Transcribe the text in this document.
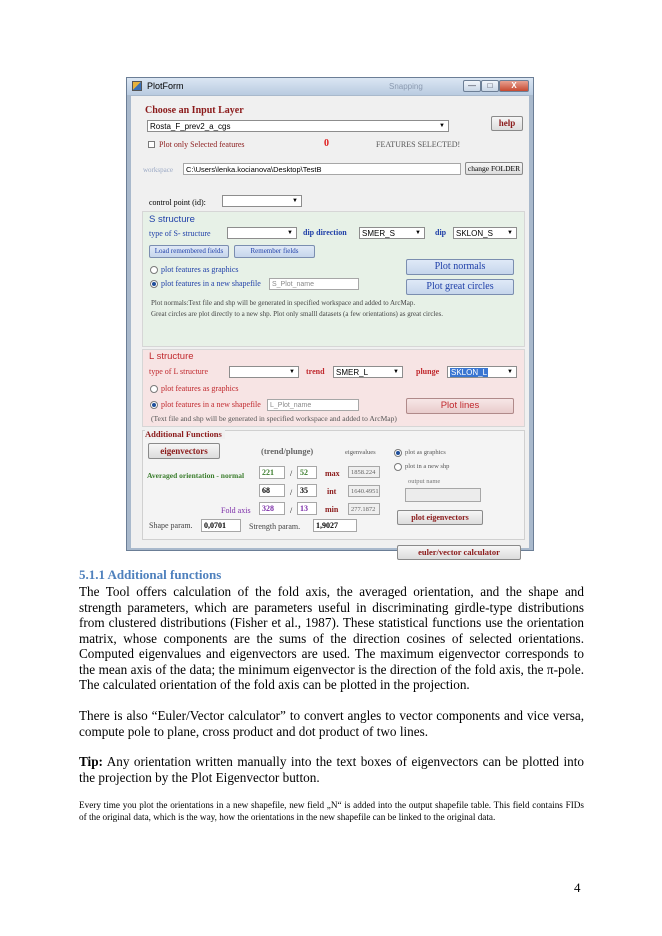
PlotForm	Snapping	—	□	X
Choose an Input Layer
Rosta_F_prev2_a_cgs	▼	help
Plot only Selected features	0	FEATURES SELECTED!
workspace	C:\Users\lenka.kocianova\Desktop\TestB	change FOLDER
control point (id):	▼
S structure
type of S- structure	▼ dip direction	SMER_S	▼ dip	SKLON_S ▼
Load remembered fields	Remember fields
plot features as graphics
plot features in a new shapefile	S_Plot_name
Plot normals
Plot great circles
Plot normals:Text file and shp will be generated in specified workspace and added to ArcMap.
Great circles are plot directly to a new shp. Plot only smalll datasets (a few orientations) as great circles.
L structure
type of L structure	▼ trend	SMER_L	▼ plunge	SKLON_L	▼
plot features as graphics
plot features in a new shapefile	L_Plot_name	Plot lines
(Text file and shp will be generated in specified workspace and added to ArcMap)
Additional Functions
eigenvectors	(trend/plunge)	eigenvalues
Averaged orientation - normal	221	/ 52	max	1858.224
68	/ 35	int	1640.4951
Fold axis	328	/ 13	min	277.1872
Shape param.	0,0701	Strength param.	1,9027
plot as graphics
plot in a new shp
output name
plot eigenvectors
euler/vector calculator
5.1.1 Additional functions
The Tool offers calculation of the fold axis, the averaged orientation, and the shape and strength parameters, which are parameters useful in discriminating girdle-type distributions from clustered distributions (Fisher et al., 1987). These statistical functions use the orientation matrix, whose components are the sums of the direction cosines of selected orientations. Computed eigenvalues and eigenvectors are used. The maximum eigenvector corresponds to the mean axis of the data; the minimum eigenvector is the direction of the fold axis, the π-pole. The calculated orientation of the fold axis can be plotted in the projection.
There is also “Euler/Vector calculator” to convert angles to vector components and vice versa, compute pole to plane, cross product and dot product of two lines.
Tip: Any orientation written manually into the text boxes of eigenvectors can be plotted into the projection by the Plot Eigenvector button.
Every time you plot the orientations in a new shapefile, new field „N“ is added into the output shapefile table. This field contains FIDs of the original data, which is the way, how the orientations in the new shapefile can be linked to the original data.
4
